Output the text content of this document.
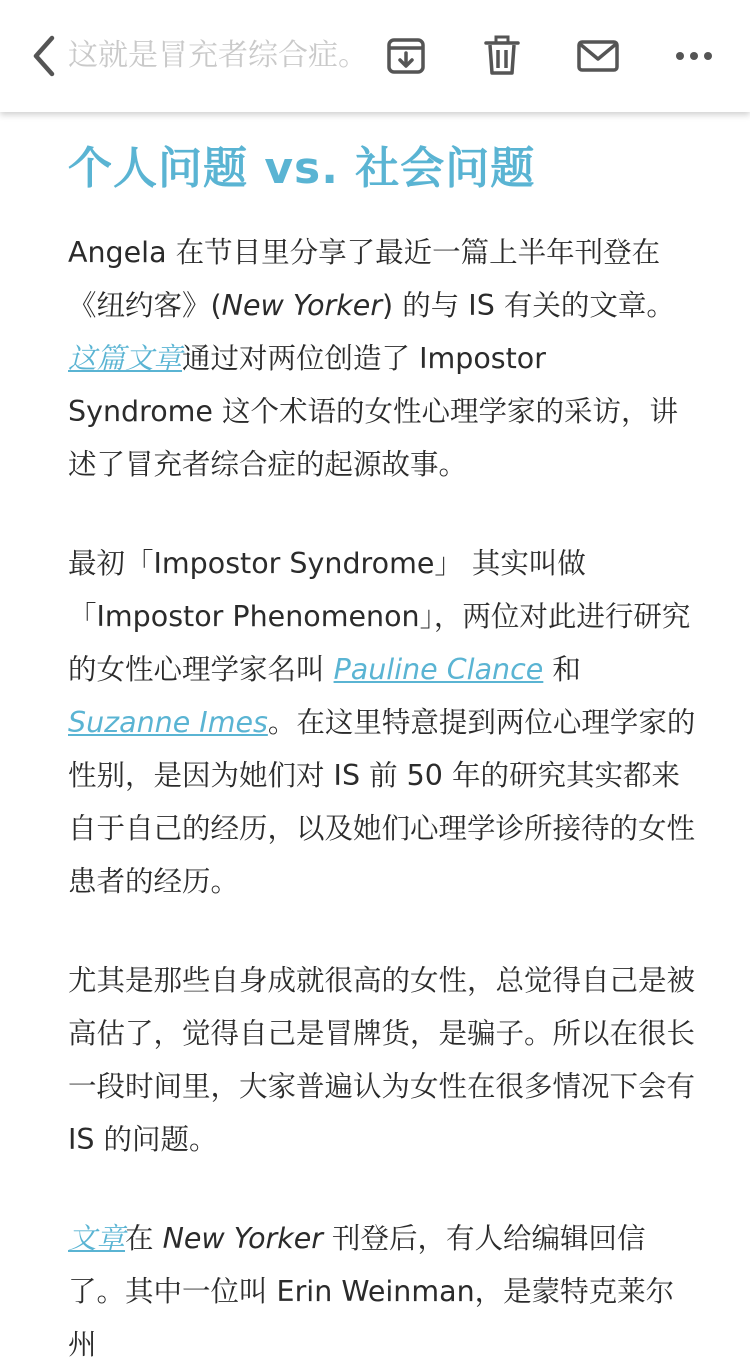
这就是冒充者综合症。
个人问题 vs. 社会问题

Angela 在节目里分享了最近一篇上半年刊登在《纽约客》(New Yorker) 的与 IS 有关的文章。这篇文章通过对两位创造了 Impostor Syndrome 这个术语的女性心理学家的采访，讲述了冒充者综合症的起源故事。

最初「Impostor Syndrome」 其实叫做「Impostor Phenomenon」，两位对此进行研究的女性心理学家名叫 Pauline Clance 和 Suzanne Imes。在这里特意提到两位心理学家的性别，是因为她们对 IS 前 50 年的研究其实都来自于自己的经历，以及她们心理学诊所接待的女性患者的经历。

尤其是那些自身成就很高的女性，总觉得自己是被高估了，觉得自己是冒牌货，是骗子。所以在很长一段时间里，大家普遍认为女性在很多情况下会有 IS 的问题。

文章在 New Yorker 刊登后，有人给编辑回信了。其中一位叫 Erin Weinman，是蒙特克莱尔州
